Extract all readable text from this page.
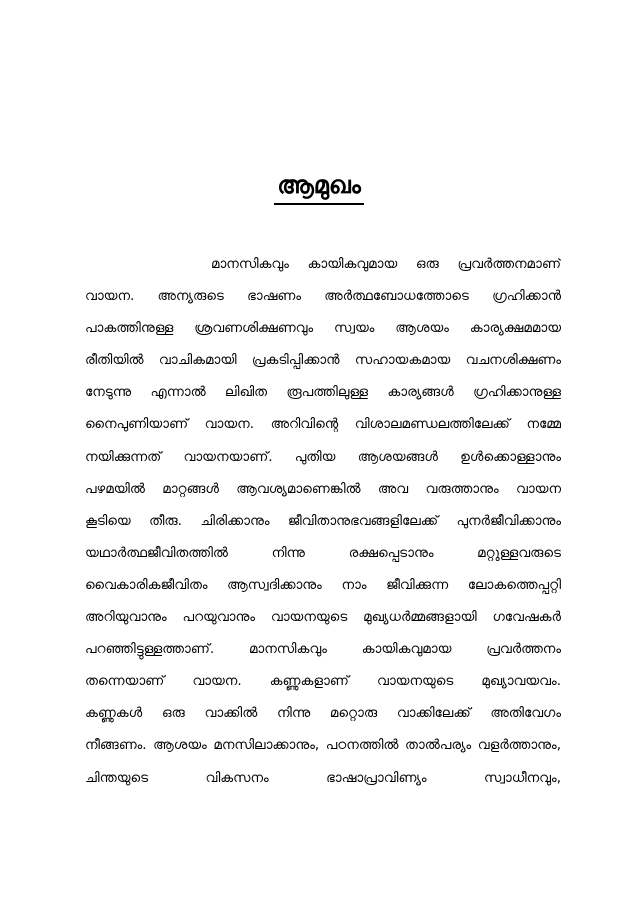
ആമുഖം
മാനസികവും കായികവുമായ ഒരു പ്രവർത്തനമാണ്
വായന. അന്യരുടെ ഭാഷണം അർത്ഥബോധത്തോടെ ഗ്രഹിക്കാൻ
പാകത്തിനുള്ള ശ്രവണശിക്ഷണവും സ്വയം ആശയം കാര്യക്ഷമമായ
രീതിയിൽ വാചികമായി പ്രകടിപ്പിക്കാൻ സഹായകമായ വചനശിക്ഷണം
നേടുന്നു എന്നാൽ ലിഖിത രൂപത്തിലുള്ള കാര്യങ്ങൾ ഗ്രഹിക്കാനുള്ള
നൈപുണിയാണ് വായന. അറിവിന്റെ വിശാലമണ്ഡലത്തിലേക്ക് നമ്മേ
നയിക്കുന്നത് വായനയാണ്. പുതിയ ആശയങ്ങൾ ഉൾക്കൊള്ളാനും
പഴമയിൽ മാറ്റങ്ങൾ ആവശ്യമാണെങ്കിൽ അവ വരുത്താനും വായന
കൂടിയെ തീരു. ചിരിക്കാനും ജീവിതാനുഭവങ്ങളിലേക്ക് പുനർജീവിക്കാനും
യഥാർത്ഥജീവിതത്തിൽ നിന്നു രക്ഷപ്പെടാനും മറ്റുള്ളവരുടെ
വൈകാരികജീവിതം ആസ്വദിക്കാനും നാം ജീവിക്കുന്ന ലോകത്തെപ്പറ്റി
അറിയുവാനും പറയുവാനും വായനയുടെ മുഖ്യധർമ്മങ്ങളായി ഗവേഷകർ
പറഞ്ഞിട്ടുള്ളത്താണ്. മാനസികവും കായികവുമായ പ്രവർത്തനം
തന്നെയാണ് വായന. കണ്ണുകളാണ് വായനയുടെ മുഖ്യാവയവം.
കണ്ണുകൾ ഒരു വാക്കിൽ നിന്നു മറ്റൊരു വാക്കിലേക്ക് അതിവേഗം
നീങ്ങണം. ആശയം മനസിലാക്കാനും, പഠനത്തിൽ താൽപര്യം വളർത്താനും,
ചിന്തയുടെ വികസനം ഭാഷാപ്രാവിണ്യം സ്വാധീനവും,
